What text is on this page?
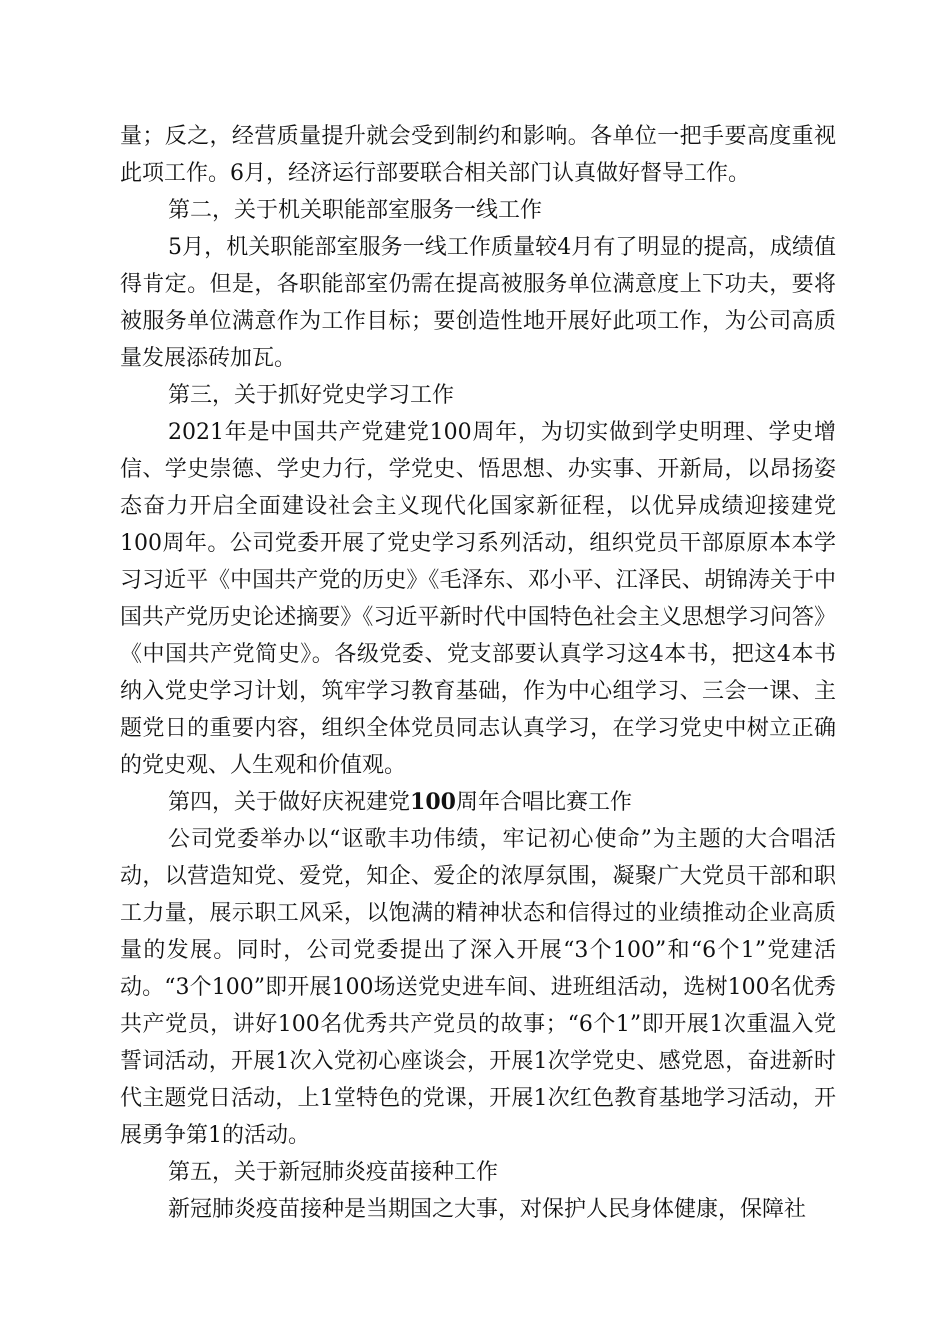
量；反之，经营质量提升就会受到制约和影响。各单位一把手要高度重视此项工作。6月，经济运行部要联合相关部门认真做好督导工作。

第二，关于机关职能部室服务一线工作

5月，机关职能部室服务一线工作质量较4月有了明显的提高，成绩值得肯定。但是，各职能部室仍需在提高被服务单位满意度上下功夫，要将被服务单位满意作为工作目标；要创造性地开展好此项工作，为公司高质量发展添砖加瓦。

第三，关于抓好党史学习工作

2021年是中国共产党建党100周年，为切实做到学史明理、学史增信、学史崇德、学史力行，学党史、悟思想、办实事、开新局，以昂扬姿态奋力开启全面建设社会主义现代化国家新征程，以优异成绩迎接建党100周年。公司党委开展了党史学习系列活动，组织党员干部原原本本学习习近平《中国共产党的历史》《毛泽东、邓小平、江泽民、胡锦涛关于中国共产党历史论述摘要》《习近平新时代中国特色社会主义思想学习问答》《中国共产党简史》。各级党委、党支部要认真学习这4本书，把这4本书纳入党史学习计划，筑牢学习教育基础，作为中心组学习、三会一课、主题党日的重要内容，组织全体党员同志认真学习，在学习党史中树立正确的党史观、人生观和价值观。

第四，关于做好庆祝建党100周年合唱比赛工作

公司党委举办以“讴歌丰功伟绩，牢记初心使命”为主题的大合唱活动，以营造知党、爱党，知企、爱企的浓厚氛围，凝聚广大党员干部和职工力量，展示职工风采，以饱满的精神状态和信得过的业绩推动企业高质量的发展。同时，公司党委提出了深入开展“3个100”和“6个1”党建活动。“3个100”即开展100场送党史进车间、进班组活动，选树100名优秀共产党员，讲好100名优秀共产党员的故事；“6个1”即开展1次重温入党誓词活动，开展1次入党初心座谈会，开展1次学党史、感党恩，奋进新时代主题党日活动，上1堂特色的党课，开展1次红色教育基地学习活动，开展勇争第1的活动。

第五，关于新冠肺炎疫苗接种工作

新冠肺炎疫苗接种是当期国之大事，对保护人民身体健康，保障社
